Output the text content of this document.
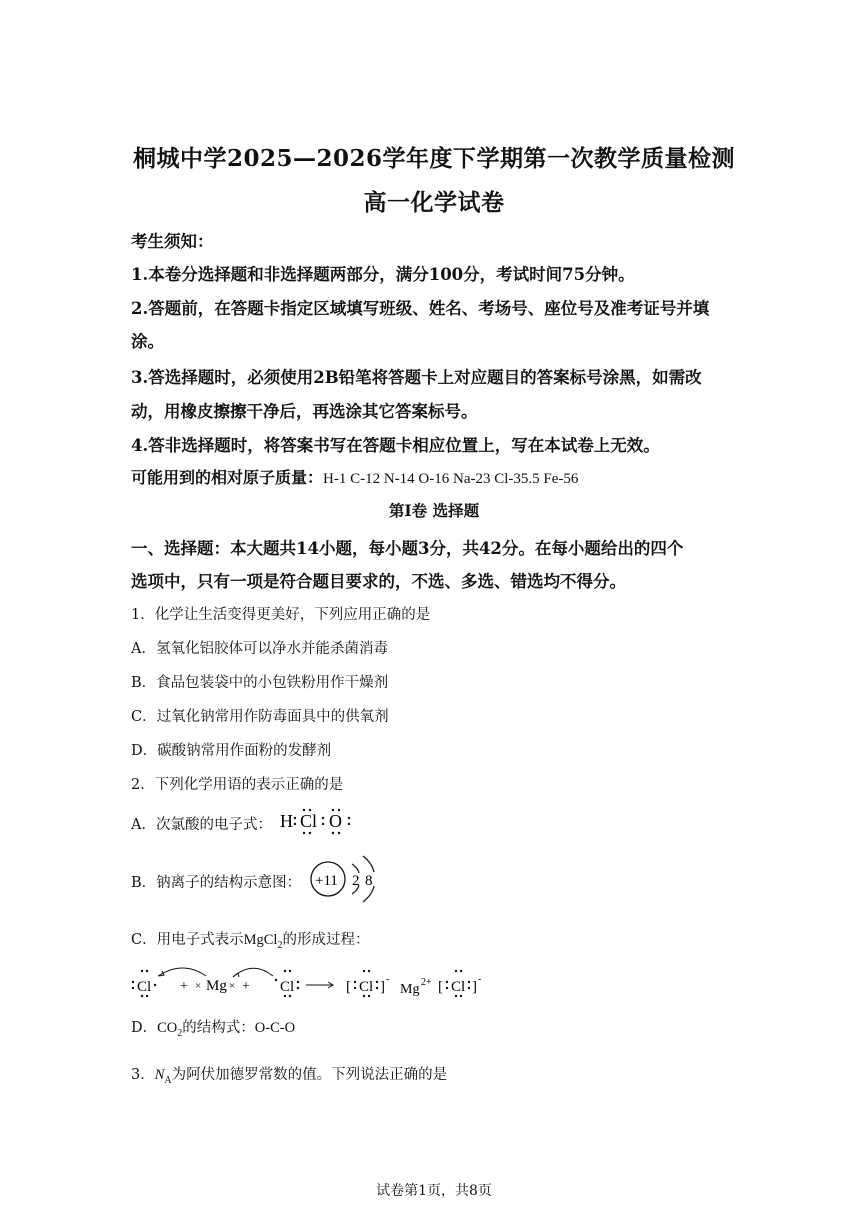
桐城中学2025—2026学年度下学期第一次教学质量检测
高一化学试卷
考生须知：
1.本卷分选择题和非选择题两部分，满分100分，考试时间75分钟。
2.答题前，在答题卡指定区域填写班级、姓名、考场号、座位号及准考证号并填
涂。
3.答选择题时，必须使用2B铅笔将答题卡上对应题目的答案标号涂黑，如需改
动，用橡皮擦擦干净后，再选涂其它答案标号。
4.答非选择题时，将答案书写在答题卡相应位置上，写在本试卷上无效。
可能用到的相对原子质量：H-1 C-12 N-14 O-16 Na-23 Cl-35.5 Fe-56
第Ⅰ卷 选择题
一、选择题：本大题共14小题，每小题3分，共42分。在每小题给出的四个
选项中，只有一项是符合题目要求的，不选、多选、错选均不得分。
1．化学让生活变得更美好，下列应用正确的是
A．氢氧化铝胶体可以净水并能杀菌消毒
B．食品包装袋中的小包铁粉用作干燥剂
C．过氧化钠常用作防毒面具中的供氧剂
D．碳酸钠常用作面粉的发酵剂
2．下列化学用语的表示正确的是
A．次氯酸的电子式： H Cl O
B．钠离子的结构示意图： +11 2 8
C．用电子式表示MgCl$_2$的形成过程：
Cl + × Mg × + Cl	[ Cl ] -
Mg 2+ [ Cl ] -
D．$CO_2$的结构式：O-C-O
3．$N_A$为阿伏加德罗常数的值。下列说法正确的是
试卷第1页，共8页
